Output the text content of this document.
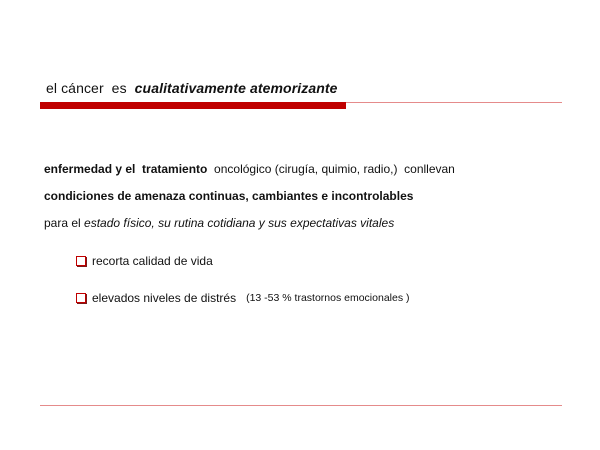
el cáncer  es  cualitativamente atemorizante
enfermedad y el  tratamiento  oncológico (cirugía, quimio, radio,)  conllevan
condiciones de amenaza continuas, cambiantes e incontrolables
para el estado físico, su rutina cotidiana y sus expectativas vitales
recorta calidad de vida
elevados niveles de distrés (13 -53 % trastornos emocionales )
